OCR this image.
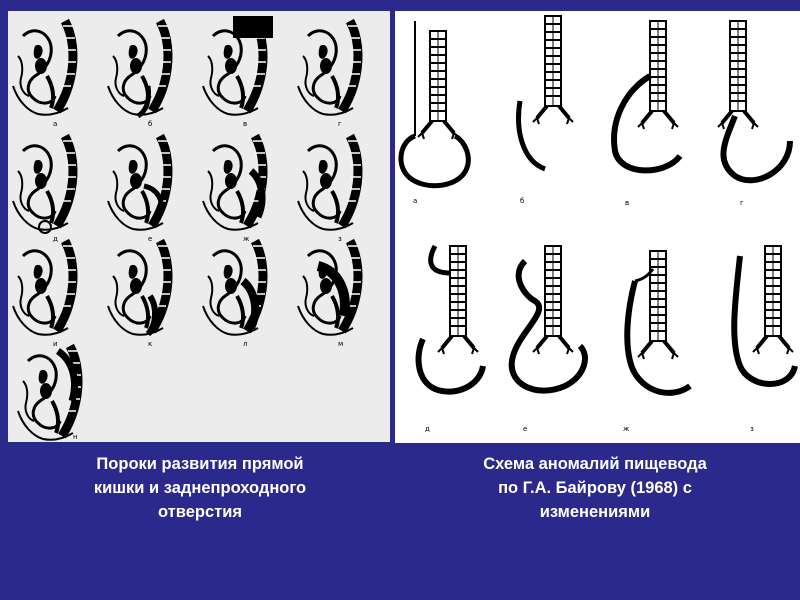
а	б	в	г
д	е	ж	з
и	к	л	м
н
а	б	в	г
д	е	ж	з
Пороки развития прямой
кишки и заднепроходного
отверстия
Схема аномалий пищевода
по Г.А. Байрову (1968) с
изменениями
